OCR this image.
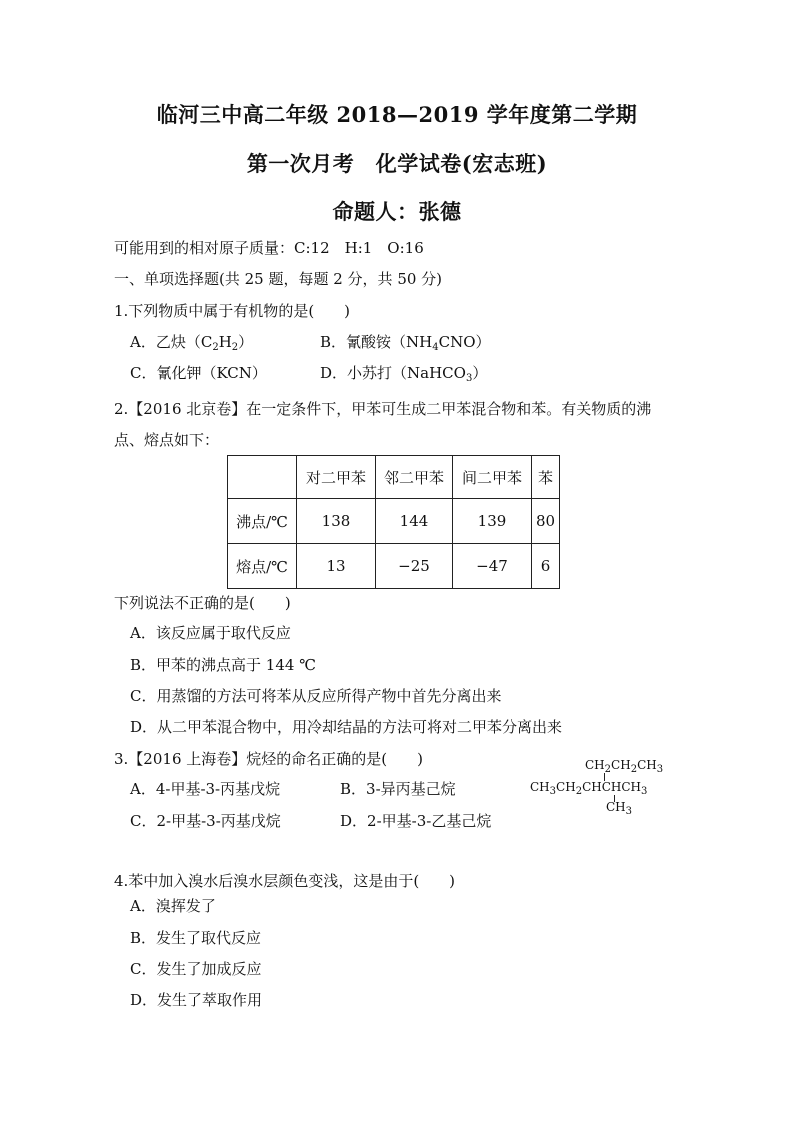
临河三中高二年级 2018—2019 学年度第二学期
第一次月考　化学试卷(宏志班)
命题人：张德
可能用到的相对原子质量：C:12　H:1　O:16
一、单项选择题(共 25 题，每题 2 分，共 50 分)
1.下列物质中属于有机物的是(　　)
A．乙炔$(C_2H_2)$	B．氰酸铵$(NH_4CNO)$
C．氰化钾（KCN）	D．小苏打（NaHCO$_3$）
2.【2016 北京卷】在一定条件下，甲苯可生成二甲苯混合物和苯。有关物质的沸
点、熔点如下：
	对二甲苯	邻二甲苯	间二甲苯	苯
沸点/℃	138	144	139	80
熔点/℃	13	−25	−47	6
下列说法不正确的是(　　)
A．该反应属于取代反应
B．甲苯的沸点高于 144 ℃
C．用蒸馏的方法可将苯从反应所得产物中首先分离出来
D．从二甲苯混合物中，用冷却结晶的方法可将对二甲苯分离出来
3.【2016 上海卷】烷烃的命名正确的是(　　)
A．4-甲基-3-丙基戊烷	B．3-异丙基己烷
C．2-甲基-3-丙基戊烷	D．2-甲基-3-乙基己烷
$CH_2CH_2CH_3$
$CH_3CH_2CHCHCH_3$
$CH_3$
4.苯中加入溴水后溴水层颜色变浅，这是由于(　　)
A．溴挥发了
B．发生了取代反应
C．发生了加成反应
D．发生了萃取作用
